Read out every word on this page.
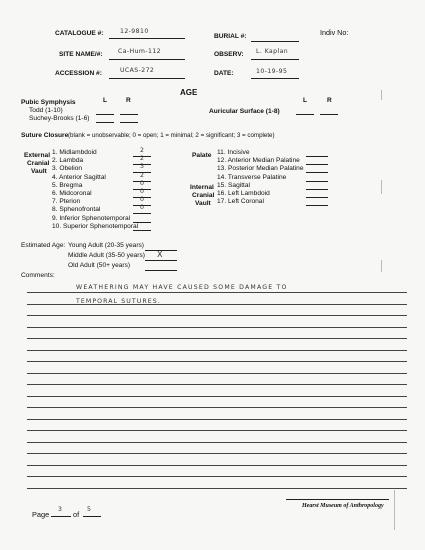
CATALOGUE #:	12-9810
BURIAL #:	Indiv No:
SITE NAME/#: Ca-Hum-112	OBSERV: L. Kaplan
ACCESSION #:	UCAS-272	DATE:	10-19-95
AGE
Pubic Symphysis
Todd (1-10)
Suchey-Brooks (1-6)
L	R
Auricular Surface (1-8)
L	R
Suture Closure (blank = unobservable; 0 = open; 1 = minimal; 2 = significant; 3 = complete)
External
Cranial
Vault
1. Midlambdoid	2
2. Lambda	2
3. Obelion	3
4. Anterior Sagittal	2
5. Bregma	0
6. Midcoronal	0
7. Pterion	0
8. Sphenofrontal	0
9. Inferior Sphenotemporal
10. Superior Sphenotemporal
Palate
Internal
Cranial
Vault
11. Incisive
12. Anterior Median Palatine
13. Posterior Median Palatine
14. Transverse Palatine
15. Sagittal
16. Left Lambdoid
17. Left Coronal
Estimated Age: Young Adult (20-35 years)
Middle Adult (35-50 years) X
Old Adult (50+ years)
Comments:
WEATHERING MAY HAVE CAUSED SOME DAMAGE TO
TEMPORAL SUTURES.
Page
3
of
5	Hearst Museum of Anthropology
